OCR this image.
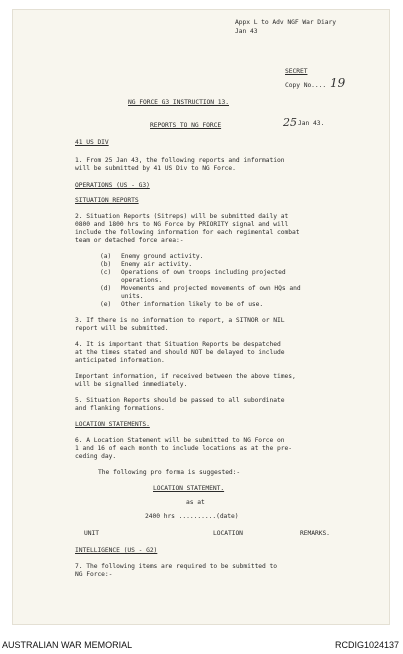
Appx L to Adv NGF War Diary
Jan 43
SECRET
Copy No.... 19
NG FORCE G3 INSTRUCTION 13.
REPORTS TO NG FORCE	25 Jan 43.
41 US DIV
1. From 25 Jan 43, the following reports and information
will be submitted by 41 US Div to NG Force.
OPERATIONS (US - G3)
SITUATION REPORTS
2. Situation Reports (Sitreps) will be submitted daily at
0800 and 1800 hrs to NG Force by PRIORITY signal and will
include the following information for each regimental combat
team or detached force area:-
(a) Enemy ground activity.
(b) Enemy air activity.
(c) Operations of own troops including projected
operations.
(d) Movements and projected movements of own HQs and
units.
(e) Other information likely to be of use.
3. If there is no information to report, a SITNOR or NIL
report will be submitted.
4. It is important that Situation Reports be despatched
at the times stated and should NOT be delayed to include
anticipated information.
Important information, if received between the above times,
will be signalled immediately.
5. Situation Reports should be passed to all subordinate
and flanking formations.
LOCATION STATEMENTS.
6. A Location Statement will be submitted to NG Force on
1 and 16 of each month to include locations as at the pre-
ceding day.
The following pro forma is suggested:-
LOCATION STATEMENT.
as at
2400 hrs ..........(date)
UNIT	LOCATION	REMARKS.
INTELLIGENCE (US - G2)
7. The following items are required to be submitted to
NG Force:-
AUSTRALIAN WAR MEMORIAL	RCDIG1024137
